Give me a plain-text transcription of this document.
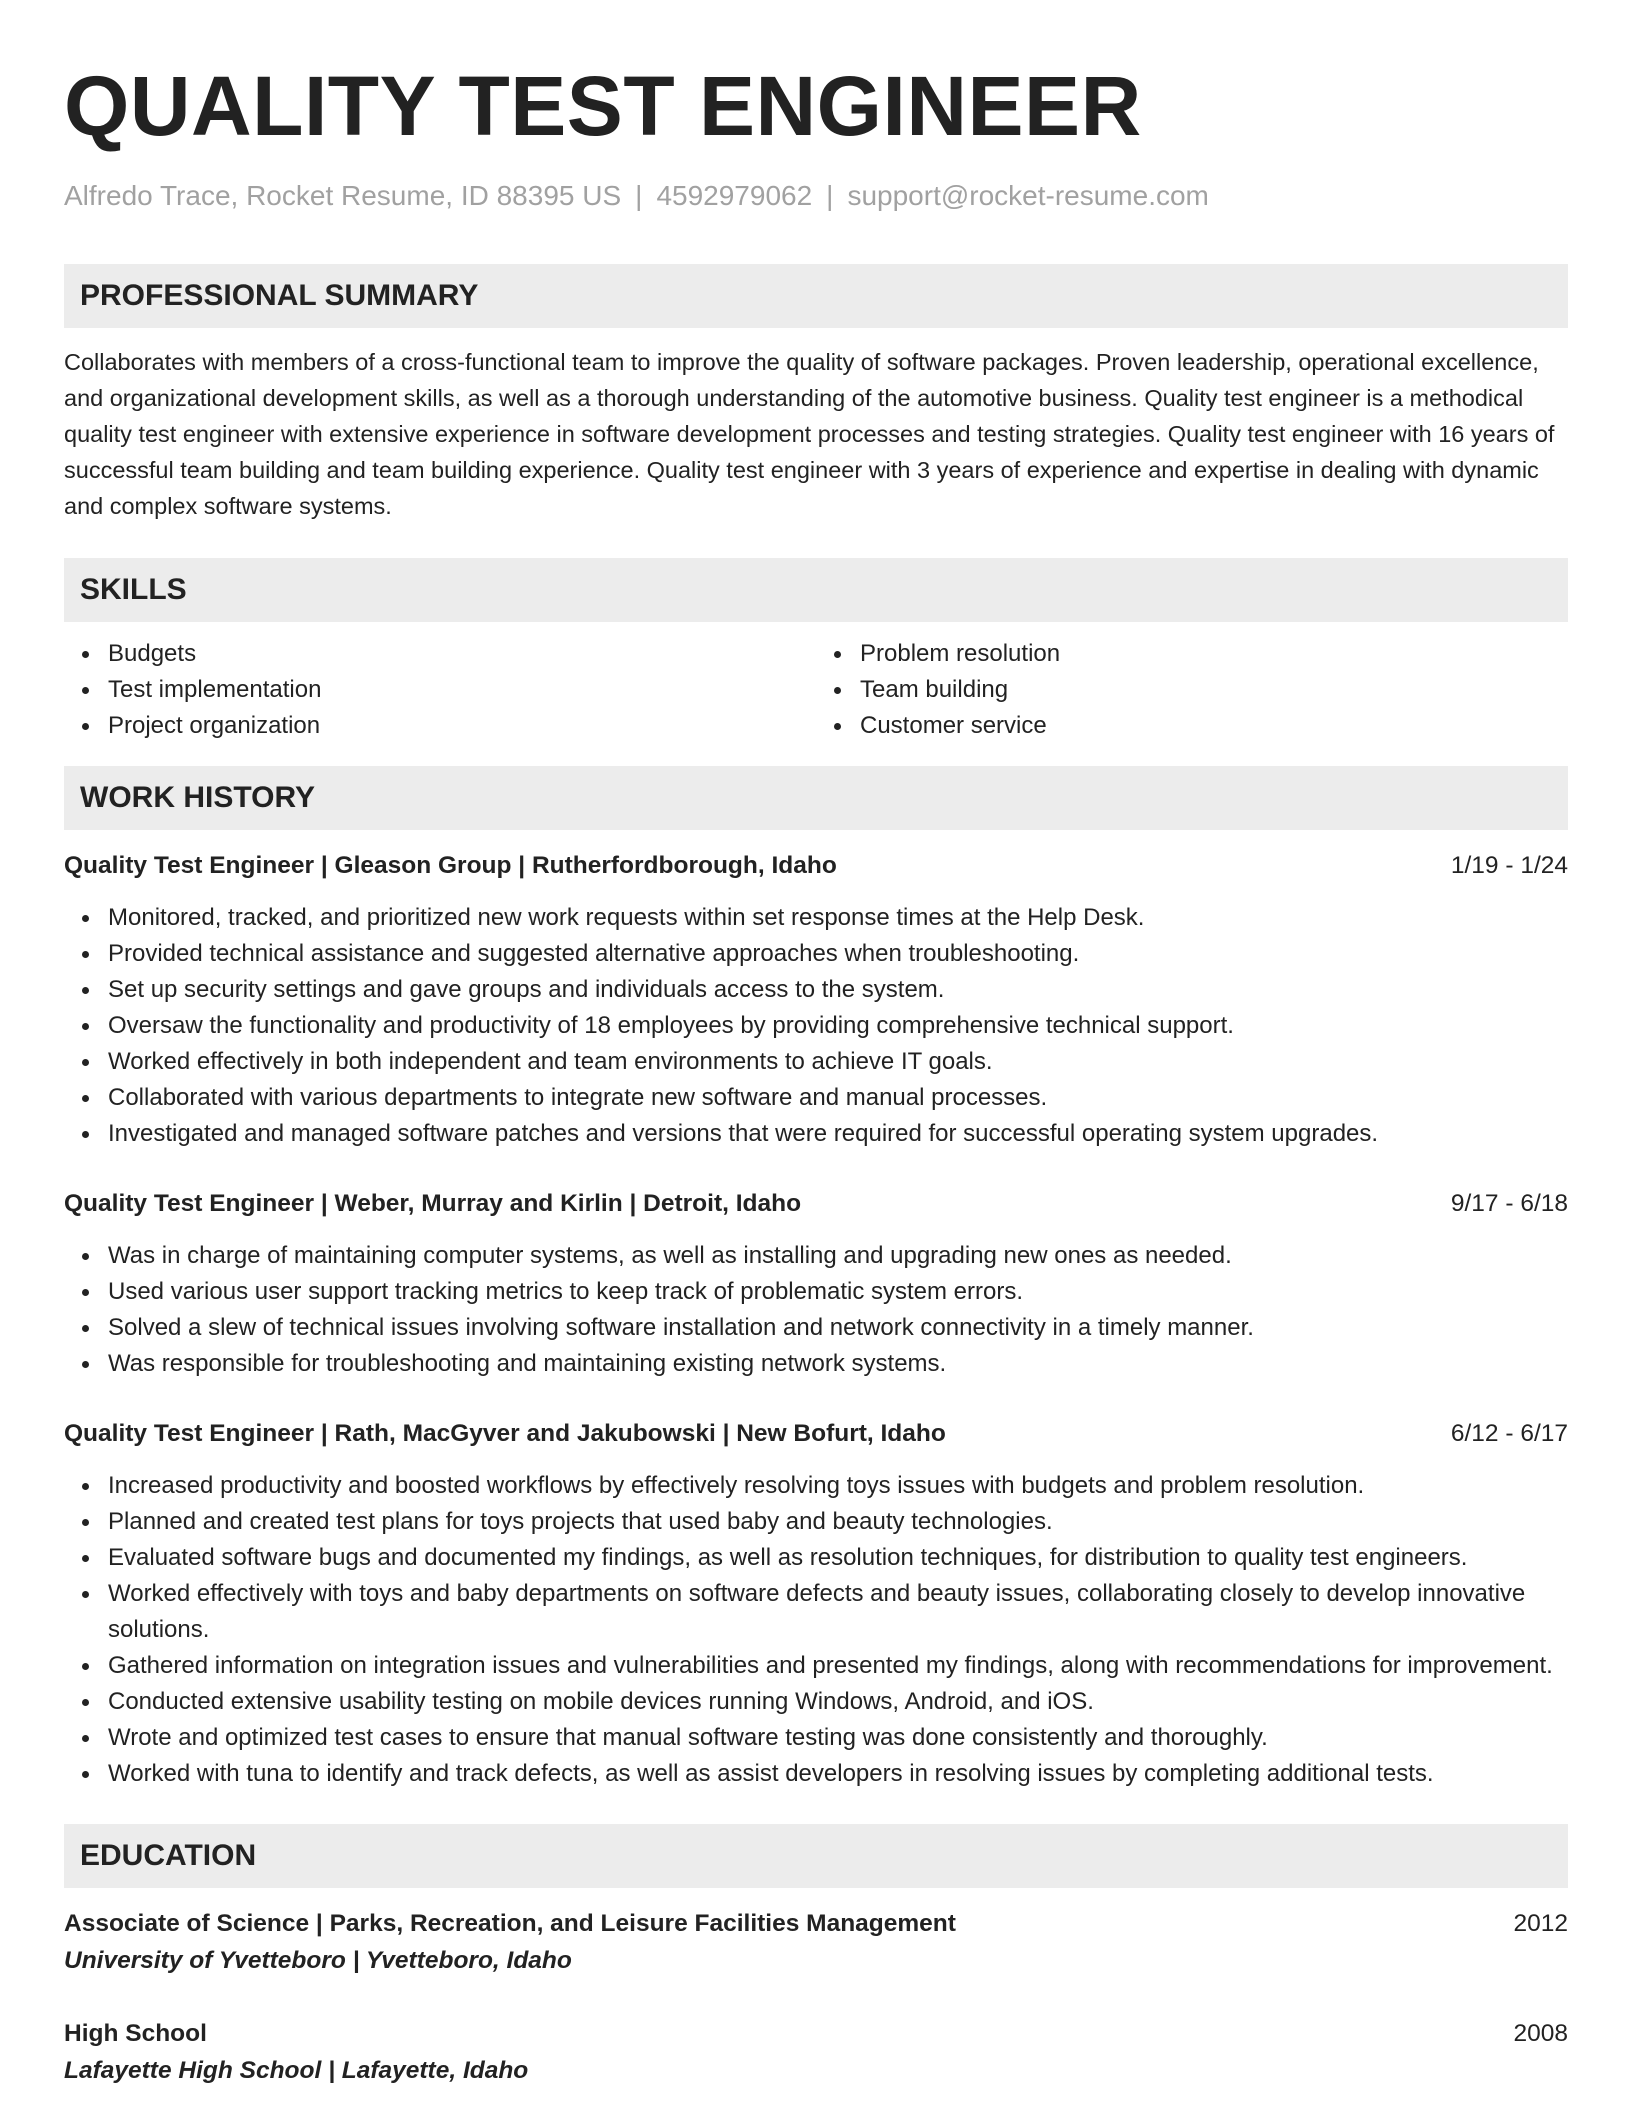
QUALITY TEST ENGINEER
Alfredo Trace, Rocket Resume, ID 88395 US | 4592979062 | support@rocket-resume.com
PROFESSIONAL SUMMARY
Collaborates with members of a cross-functional team to improve the quality of software packages. Proven leadership, operational excellence, and organizational development skills, as well as a thorough understanding of the automotive business. Quality test engineer is a methodical quality test engineer with extensive experience in software development processes and testing strategies. Quality test engineer with 16 years of successful team building and team building experience. Quality test engineer with 3 years of experience and expertise in dealing with dynamic and complex software systems.
SKILLS
Budgets
Test implementation
Project organization
Problem resolution
Team building
Customer service
WORK HISTORY
Quality Test Engineer | Gleason Group | Rutherfordborough, Idaho	1/19 - 1/24
Monitored, tracked, and prioritized new work requests within set response times at the Help Desk.
Provided technical assistance and suggested alternative approaches when troubleshooting.
Set up security settings and gave groups and individuals access to the system.
Oversaw the functionality and productivity of 18 employees by providing comprehensive technical support.
Worked effectively in both independent and team environments to achieve IT goals.
Collaborated with various departments to integrate new software and manual processes.
Investigated and managed software patches and versions that were required for successful operating system upgrades.
Quality Test Engineer | Weber, Murray and Kirlin | Detroit, Idaho	9/17 - 6/18
Was in charge of maintaining computer systems, as well as installing and upgrading new ones as needed.
Used various user support tracking metrics to keep track of problematic system errors.
Solved a slew of technical issues involving software installation and network connectivity in a timely manner.
Was responsible for troubleshooting and maintaining existing network systems.
Quality Test Engineer | Rath, MacGyver and Jakubowski | New Bofurt, Idaho	6/12 - 6/17
Increased productivity and boosted workflows by effectively resolving toys issues with budgets and problem resolution.
Planned and created test plans for toys projects that used baby and beauty technologies.
Evaluated software bugs and documented my findings, as well as resolution techniques, for distribution to quality test engineers.
Worked effectively with toys and baby departments on software defects and beauty issues, collaborating closely to develop innovative solutions.
Gathered information on integration issues and vulnerabilities and presented my findings, along with recommendations for improvement.
Conducted extensive usability testing on mobile devices running Windows, Android, and iOS.
Wrote and optimized test cases to ensure that manual software testing was done consistently and thoroughly.
Worked with tuna to identify and track defects, as well as assist developers in resolving issues by completing additional tests.
EDUCATION
Associate of Science | Parks, Recreation, and Leisure Facilities Management	2012
University of Yvetteboro | Yvetteboro, Idaho
High School	2008
Lafayette High School | Lafayette, Idaho
